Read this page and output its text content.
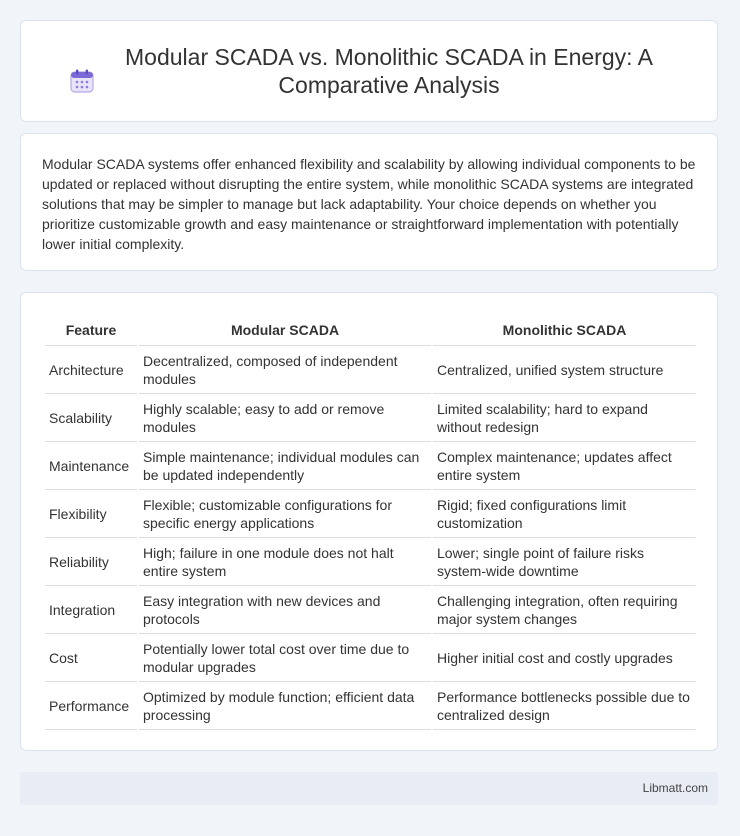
Modular SCADA vs. Monolithic SCADA in Energy: A Comparative Analysis

Modular SCADA systems offer enhanced flexibility and scalability by allowing individual components to be updated or replaced without disrupting the entire system, while monolithic SCADA systems are integrated solutions that may be simpler to manage but lack adaptability. Your choice depends on whether you prioritize customizable growth and easy maintenance or straightforward implementation with potentially lower initial complexity.

Feature	Modular SCADA	Monolithic SCADA
Architecture	Decentralized, composed of independent modules	Centralized, unified system structure
Scalability	Highly scalable; easy to add or remove modules	Limited scalability; hard to expand without redesign
Maintenance	Simple maintenance; individual modules can be updated independently	Complex maintenance; updates affect entire system
Flexibility	Flexible; customizable configurations for specific energy applications	Rigid; fixed configurations limit customization
Reliability	High; failure in one module does not halt entire system	Lower; single point of failure risks system-wide downtime
Integration	Easy integration with new devices and protocols	Challenging integration, often requiring major system changes
Cost	Potentially lower total cost over time due to modular upgrades	Higher initial cost and costly upgrades
Performance	Optimized by module function; efficient data processing	Performance bottlenecks possible due to centralized design
Libmatt.com
